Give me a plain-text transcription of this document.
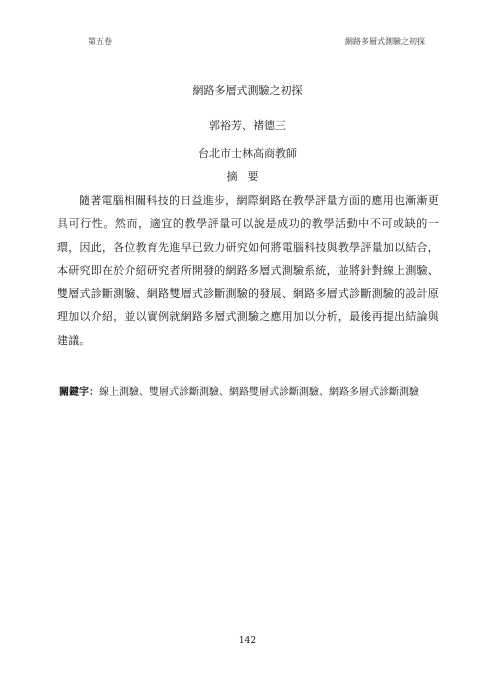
第五卷	網路多層式測驗之初探
網路多層式測驗之初探
郭裕芳、褚德三
台北市士林高商教師
摘要

隨著電腦相關科技的日益進步，網際網路在教學評量方面的應用也漸漸更具可行性。然而，適宜的教學評量可以說是成功的教學活動中不可或缺的一環，因此，各位教育先進早已致力研究如何將電腦科技與教學評量加以結合，本研究即在於介紹研究者所開發的網路多層式測驗系統，並將針對線上測驗、雙層式診斷測驗、網路雙層式診斷測驗的發展、網路多層式診斷測驗的設計原理加以介紹，並以實例就網路多層式測驗之應用加以分析，最後再提出結論與建議。

關鍵字：線上測驗、雙層式診斷測驗、網路雙層式診斷測驗、網路多層式診斷測驗

142
